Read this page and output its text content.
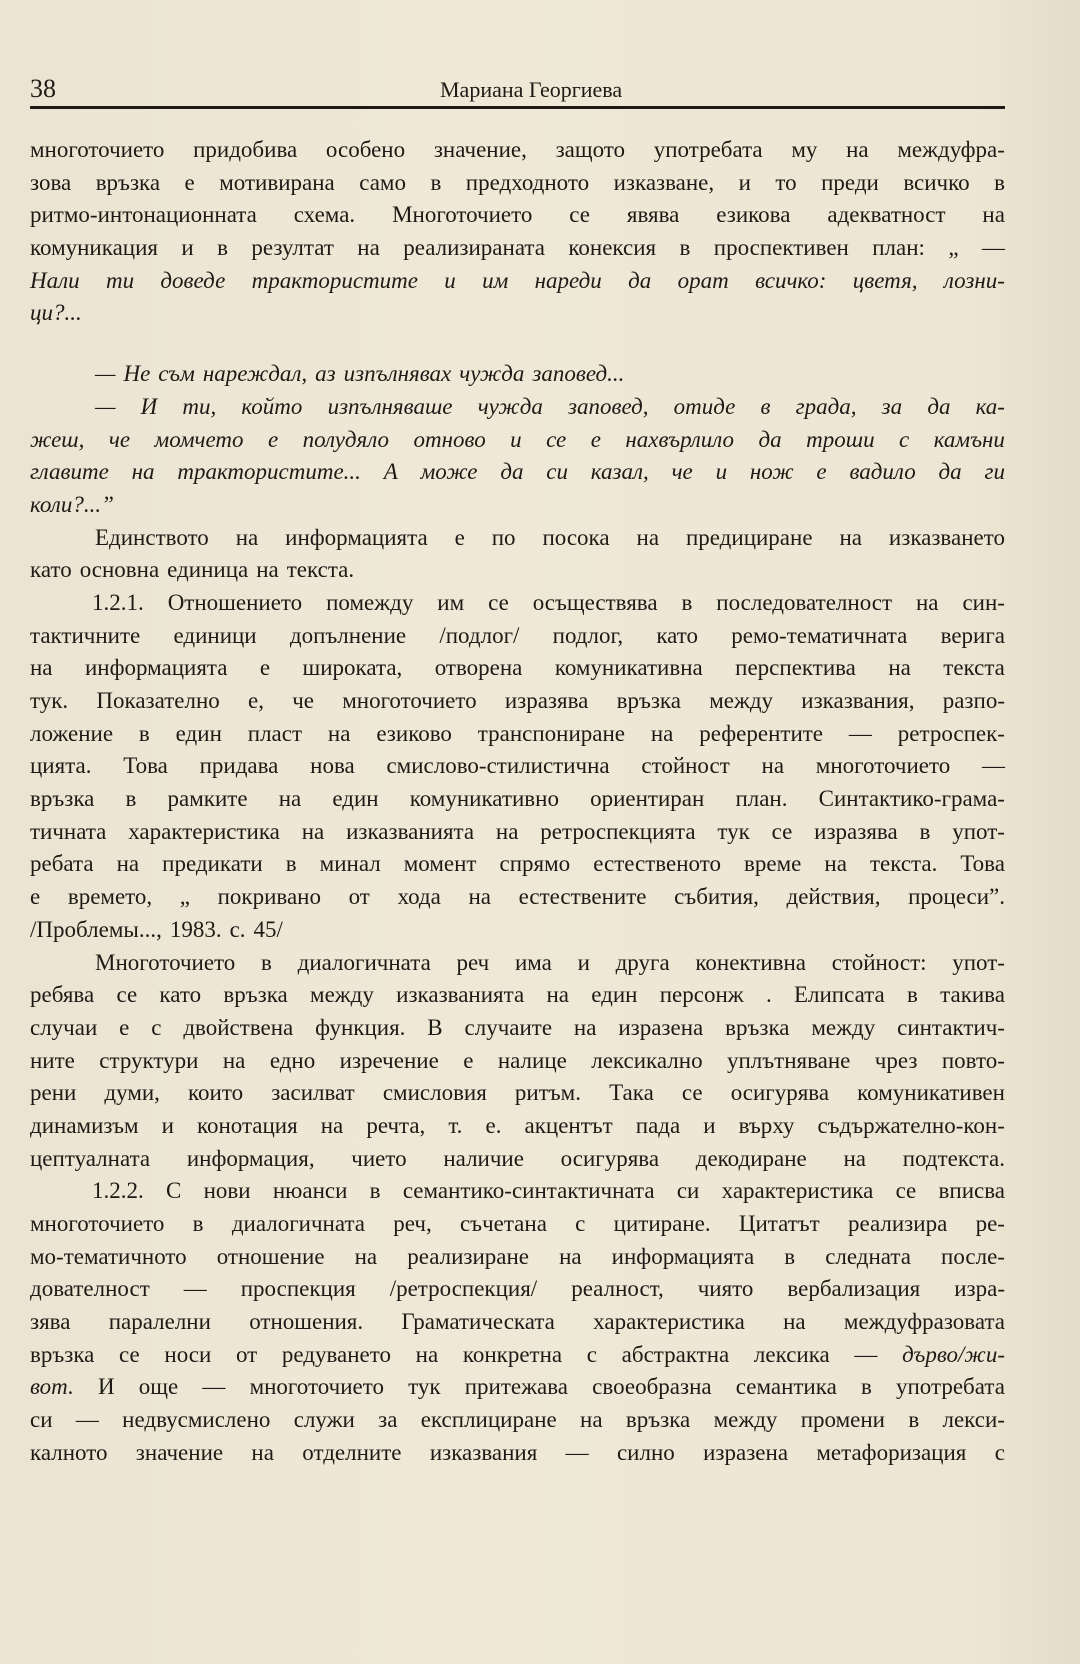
38	Мариана Георгиева
многоточието придобива особено значение, защото употребата му на междуфра-
зова връзка е мотивирана само в предходното изказване, и то преди всичко в
ритмо-интонационната схема. Многоточието се явява езикова адекватност на
комуникация и в резултат на реализираната конексия в проспективен план: „ —
Нали ти доведе тракториститe и им нареди да орат всичко: цветя, лозни-
ци?...
— Не съм нареждал, аз изпълнявах чужда заповед...
— И ти, който изпълняваше чужда заповед, отиде в града, за да ка-
жеш, че момчето е полудяло отново и се е нахвърлило да троши с камъни
главите на тракториститe... А може да си казал, че и нож е вадило да ги
коли?...”
Единството на информацията е по посока на предициране на изказването
като основна единица на текста.
1.2.1. Отношението помежду им се осъществява в последователност на син-
тактичните единици допълнение /подлог/ подлог, като ремо-тематичната верига
на информацията е широката, отворена комуникативна перспектива на текста
тук. Показателно е, че многоточието изразява връзка между изказвания, разпо-
ложение в един пласт на езиково транспониране на референтите — ретроспек-
цията. Това придава нова смислово-стилистична стойност на многоточието —
връзка в рамките на един комуникативно ориентиран план. Синтактико-грама-
тичната характеристика на изказванията на ретроспекцията тук се изразява в упот-
ребата на предикати в минал момент спрямо естественото време на текста. Това
е времето, „ покривано от хода на естествените събития, действия, процеси”.
/Проблемы..., 1983. с. 45/
Многоточието в диалогичната реч има и друга конективна стойност: упот-
ребява се като връзка между изказванията на един персонж . Елипсата в такива
случаи е с двойствена функция. В случаите на изразена връзка между синтактич-
ните структури на едно изречение е налице лексикално уплътняване чрез повто-
рени думи, които засилват смисловия ритъм. Така се осигурява комуникативен
динамизъм и конотация на речта, т. е. акцентът пада и върху съдържателно-кон-
цептуалната информация, чието наличие осигурява декодиране на подтекста.
1.2.2. С нови нюанси в семантико-синтактичната си характеристика се вписва
многоточието в диалогичната реч, съчетана с цитиране. Цитатът реализира ре-
мо-тематичното отношение на реализиране на информацията в следната после-
дователност — проспекция /ретроспекция/ реалност, чиято вербализация изра-
зява паралелни отношения. Граматическата характеристика на междуфразовата
връзка се носи от редуването на конкретна с абстрактна лексика — дърво/жи-
вот. И още — многоточието тук притежава своеобразна семантика в употребата
си — недвусмислено служи за експлициране на връзка между промени в лекси-
калното значение на отделните изказвания — силно изразена метафоризация с
